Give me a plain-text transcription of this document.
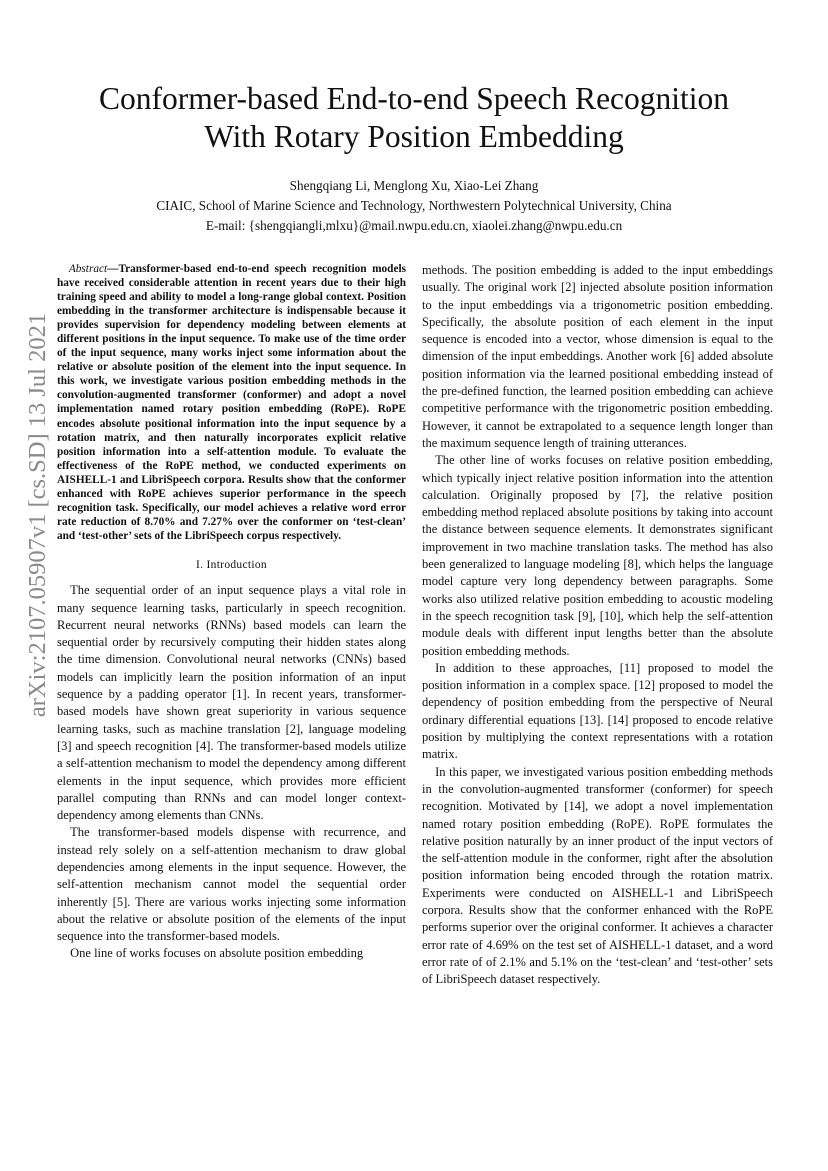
arXiv:2107.05907v1 [cs.SD] 13 Jul 2021
Conformer-based End-to-end Speech Recognition
With Rotary Position Embedding
Shengqiang Li, Menglong Xu, Xiao-Lei Zhang
CIAIC, School of Marine Science and Technology, Northwestern Polytechnical University, China
E-mail: {shengqiangli,mlxu}@mail.nwpu.edu.cn, xiaolei.zhang@nwpu.edu.cn

Abstract—Transformer-based end-to-end speech recognition models have received considerable attention in recent years due to their high training speed and ability to model a long-range global context. Position embedding in the transformer architecture is indispensable because it provides supervision for dependency modeling between elements at different positions in the input sequence. To make use of the time order of the input sequence, many works inject some information about the relative or absolute position of the element into the input sequence. In this work, we investigate various position embedding methods in the convolution-augmented transformer (conformer) and adopt a novel implementation named rotary position embedding (RoPE). RoPE encodes absolute positional information into the input sequence by a rotation matrix, and then naturally incorporates explicit relative position information into a self-attention module. To evaluate the effectiveness of the RoPE method, we conducted experiments on AISHELL-1 and LibriSpeech corpora. Results show that the conformer enhanced with RoPE achieves superior performance in the speech recognition task. Specifically, our model achieves a relative word error rate reduction of 8.70% and 7.27% over the conformer on ‘test-clean’ and ‘test-other’ sets of the LibriSpeech corpus respectively.

I. Introduction

The sequential order of an input sequence plays a vital role in many sequence learning tasks, particularly in speech recognition. Recurrent neural networks (RNNs) based models can learn the sequential order by recursively computing their hidden states along the time dimension. Convolutional neural networks (CNNs) based models can implicitly learn the position information of an input sequence by a padding operator [1]. In recent years, transformer-based models have shown great superiority in various sequence learning tasks, such as machine translation [2], language modeling [3] and speech recognition [4]. The transformer-based models utilize a self-attention mechanism to model the dependency among different elements in the input sequence, which provides more efficient parallel computing than RNNs and can model longer context-dependency among elements than CNNs.

The transformer-based models dispense with recurrence, and instead rely solely on a self-attention mechanism to draw global dependencies among elements in the input sequence. However, the self-attention mechanism cannot model the sequential order inherently [5]. There are various works injecting some information about the relative or absolute position of the elements of the input sequence into the transformer-based models.

One line of works focuses on absolute position embedding

methods. The position embedding is added to the input embeddings usually. The original work [2] injected absolute position information to the input embeddings via a trigonometric position embedding. Specifically, the absolute position of each element in the input sequence is encoded into a vector, whose dimension is equal to the dimension of the input embeddings. Another work [6] added absolute position information via the learned positional embedding instead of the pre-defined function, the learned position embedding can achieve competitive performance with the trigonometric position embedding. However, it cannot be extrapolated to a sequence length longer than the maximum sequence length of training utterances.

The other line of works focuses on relative position embedding, which typically inject relative position information into the attention calculation. Originally proposed by [7], the relative position embedding method replaced absolute positions by taking into account the distance between sequence elements. It demonstrates significant improvement in two machine translation tasks. The method has also been generalized to language modeling [8], which helps the language model capture very long dependency between paragraphs. Some works also utilized relative position embedding to acoustic modeling in the speech recognition task [9], [10], which help the self-attention module deals with different input lengths better than the absolute position embedding methods.

In addition to these approaches, [11] proposed to model the position information in a complex space. [12] proposed to model the dependency of position embedding from the perspective of Neural ordinary differential equations [13]. [14] proposed to encode relative position by multiplying the context representations with a rotation matrix.

In this paper, we investigated various position embedding methods in the convolution-augmented transformer (conformer) for speech recognition. Motivated by [14], we adopt a novel implementation named rotary position embedding (RoPE). RoPE formulates the relative position naturally by an inner product of the input vectors of the self-attention module in the conformer, right after the absolution position information being encoded through the rotation matrix. Experiments were conducted on AISHELL-1 and LibriSpeech corpora. Results show that the conformer enhanced with the RoPE performs superior over the original conformer. It achieves a character error rate of 4.69% on the test set of AISHELL-1 dataset, and a word error rate of of 2.1% and 5.1% on the ‘test-clean’ and ‘test-other’ sets of LibriSpeech dataset respectively.
